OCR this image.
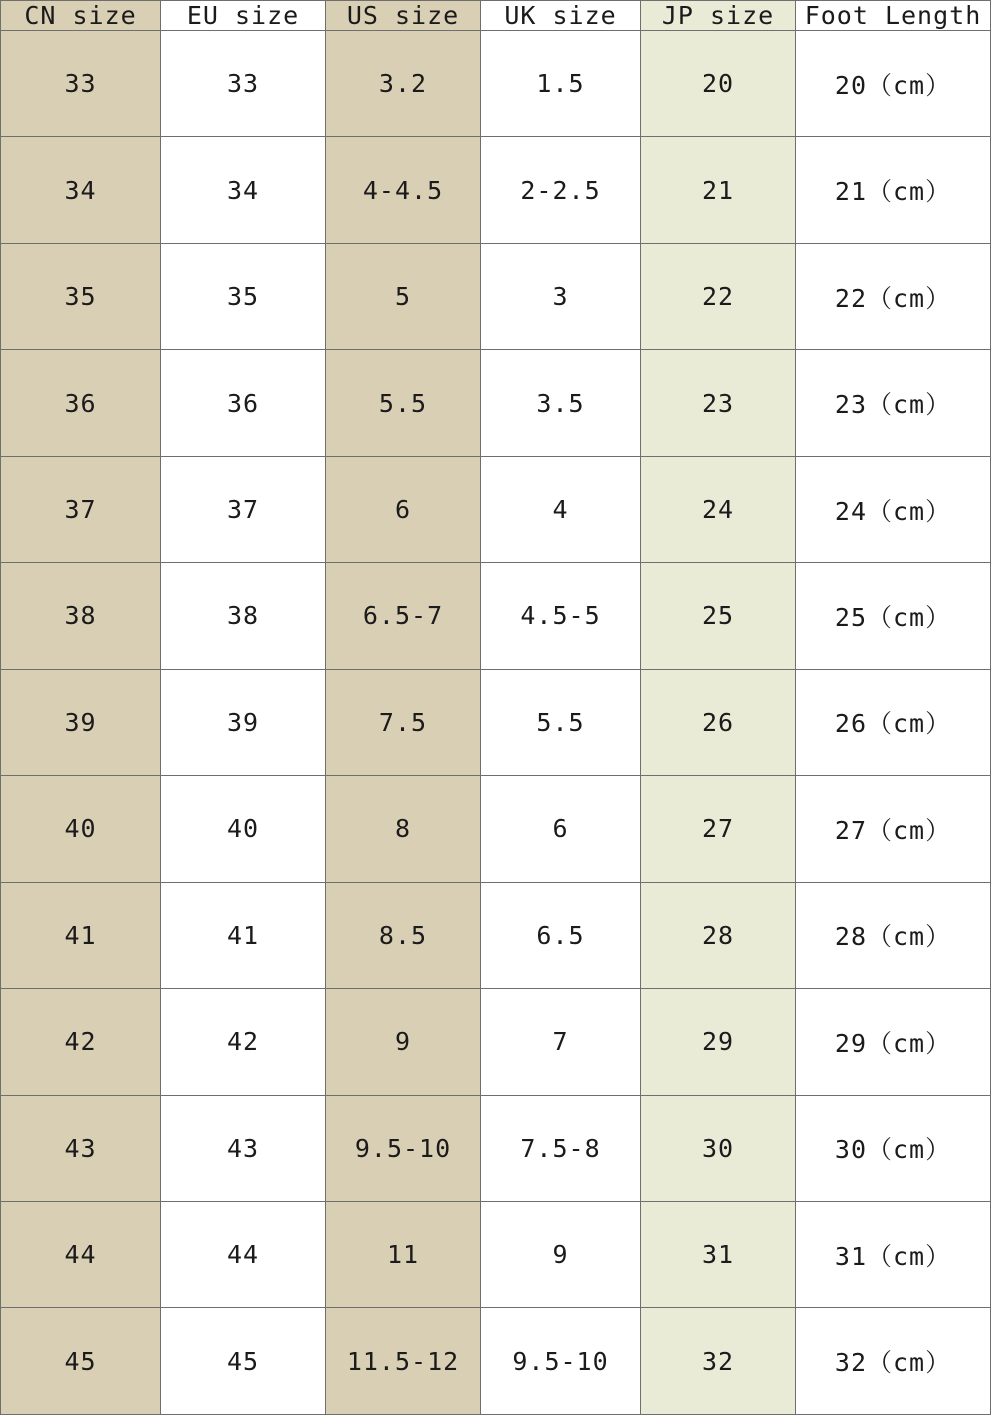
CN size	EU size	US size	UK size	JP size	Foot Length
33	33	3.2	1.5	20	20（cm）
34	34	4-4.5	2-2.5	21	21（cm）
35	35	5	3	22	22（cm）
36	36	5.5	3.5	23	23（cm）
37	37	6	4	24	24（cm）
38	38	6.5-7	4.5-5	25	25（cm）
39	39	7.5	5.5	26	26（cm）
40	40	8	6	27	27（cm）
41	41	8.5	6.5	28	28（cm）
42	42	9	7	29	29（cm）
43	43	9.5-10	7.5-8	30	30（cm）
44	44	11	9	31	31（cm）
45	45	11.5-12	9.5-10	32	32（cm）
